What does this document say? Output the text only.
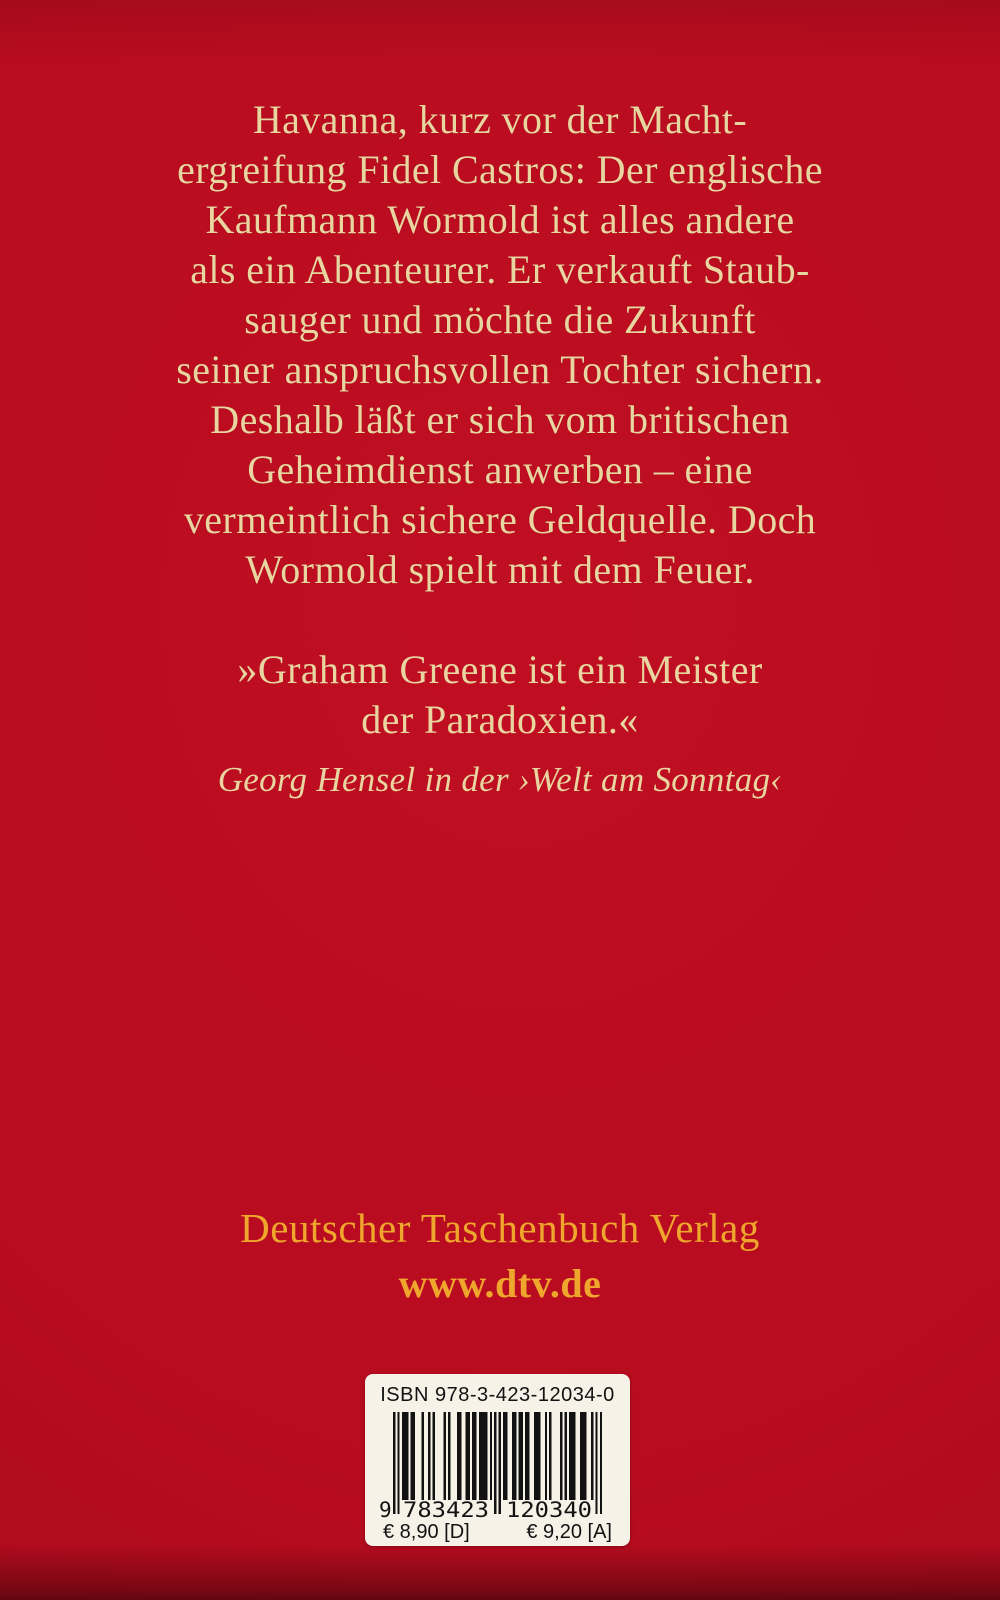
Havanna, kurz vor der Macht-
ergreifung Fidel Castros: Der englische
Kaufmann Wormold ist alles andere
als ein Abenteurer. Er verkauft Staub-
sauger und möchte die Zukunft
seiner anspruchsvollen Tochter sichern.
Deshalb läßt er sich vom britischen
Geheimdienst anwerben – eine
vermeintlich sichere Geldquelle. Doch
Wormold spielt mit dem Feuer.
»Graham Greene ist ein Meister
der Paradoxien.«
Georg Hensel in der ›Welt am Sonntag‹
Deutscher Taschenbuch Verlag
www.dtv.de
ISBN 978-3-423-12034-0
9 783423 120340
€ 8,90 [D]	€ 9,20 [A]
